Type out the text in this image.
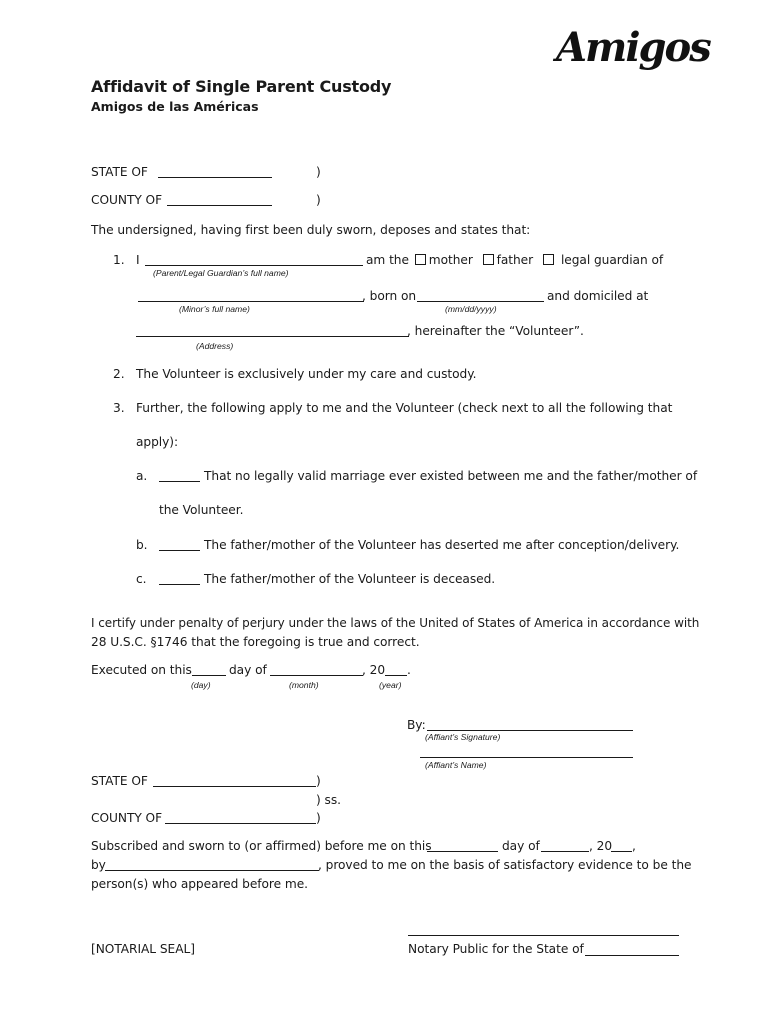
Amigos
Affidavit of Single Parent Custody
Amigos de las Américas
STATE OF	)
COUNTY OF	)
The undersigned, having first been duly sworn, deposes and states that:
1. I	am the mother father legal guardian of
(Parent/Legal Guardian’s full name)
, born on	and domiciled at
(Minor’s full name)	(mm/dd/yyyy)
, hereinafter the “Volunteer”.
(Address)
2. The Volunteer is exclusively under my care and custody.
3. Further, the following apply to me and the Volunteer (check next to all the following that
apply):
a.	That no legally valid marriage ever existed between me and the father/mother of
the Volunteer.
b.	The father/mother of the Volunteer has deserted me after conception/delivery.
c.	The father/mother of the Volunteer is deceased.
I certify under penalty of perjury under the laws of the United of States of America in accordance with
28 U.S.C. §1746 that the foregoing is true and correct.
Executed on this	day of	, 20 .
(day)	(month)	(year)
By:
(Affiant’s Signature)
(Affiant’s Name)
STATE OF	)
) ss.
COUNTY OF	)
Subscribed and sworn to (or affirmed) before me on this	day of	, 20 ,
by	, proved to me on the basis of satisfactory evidence to be the
person(s) who appeared before me.
[NOTARIAL SEAL]	Notary Public for the State of
